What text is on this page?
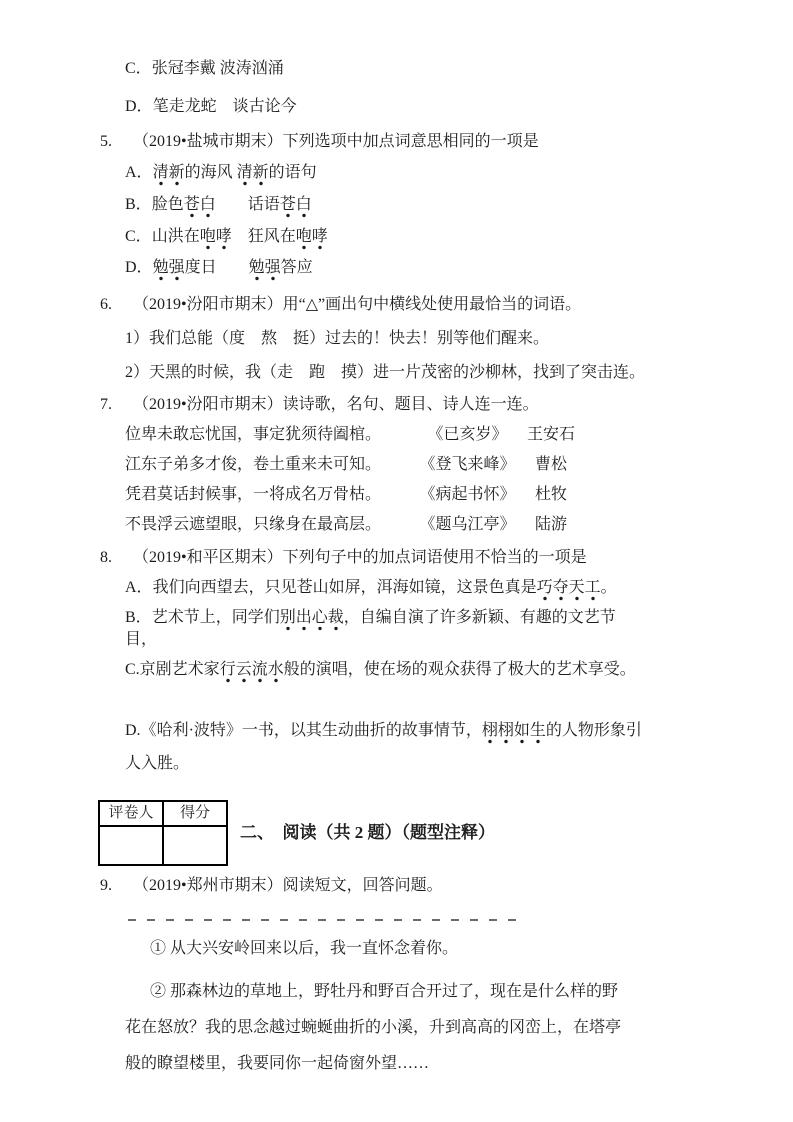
C．张冠李戴 波涛汹涌
D．笔走龙蛇　谈古论今
5.	（2019•盐城市期末）下列选项中加点词意思相同的一项是
A．清新的海风 清新的语句
B．脸色苍白　　话语苍白
C．山洪在咆哮　狂风在咆哮
D．勉强度日　　 勉强答应
6.	（2019•汾阳市期末）用“△”画出句中横线处使用最恰当的词语。
1）我们总能（度　熬　挺）过去的！快去！别等他们醒来。
2）天黑的时候，我（走　跑　摸）进一片茂密的沙柳林，找到了突击连。
7.	（2019•汾阳市期末）读诗歌，名句、题目、诗人连一连。
位卑未敢忘忧国，事定犹须待阖棺。	《已亥岁》	王安石
江东子弟多才俊，卷土重来未可知。	《登飞来峰》	曹松
凭君莫话封候事，一将成名万骨枯。	《病起书怀》	杜牧
不畏浮云遮望眼，只缘身在最高层。	《题乌江亭》	陆游
8.	（2019•和平区期末）下列句子中的加点词语使用不恰当的一项是
A．我们向西望去，只见苍山如屏，洱海如镜，这景色真是巧夺天工。
B．艺术节上，同学们别出心裁，自编自演了许多新颖、有趣的文艺节目，
C.京剧艺术家行云流水般的演唱，使在场的观众获得了极大的艺术享受。
D.《哈利·波特》一书，以其生动曲折的故事情节，栩栩如生的人物形象引人入胜。
评卷人	得分

二、　阅读（共 2 题）（题型注释）
9.	（2019•郑州市期末）阅读短文，回答问题。
① 从大兴安岭回来以后，我一直怀念着你。
② 那森林边的草地上，野牡丹和野百合开过了，现在是什么样的野花在怒放？我的思念越过蜿蜒曲折的小溪，升到高高的冈峦上，在塔亭般的瞭望楼里，我要同你一起倚窗外望……
